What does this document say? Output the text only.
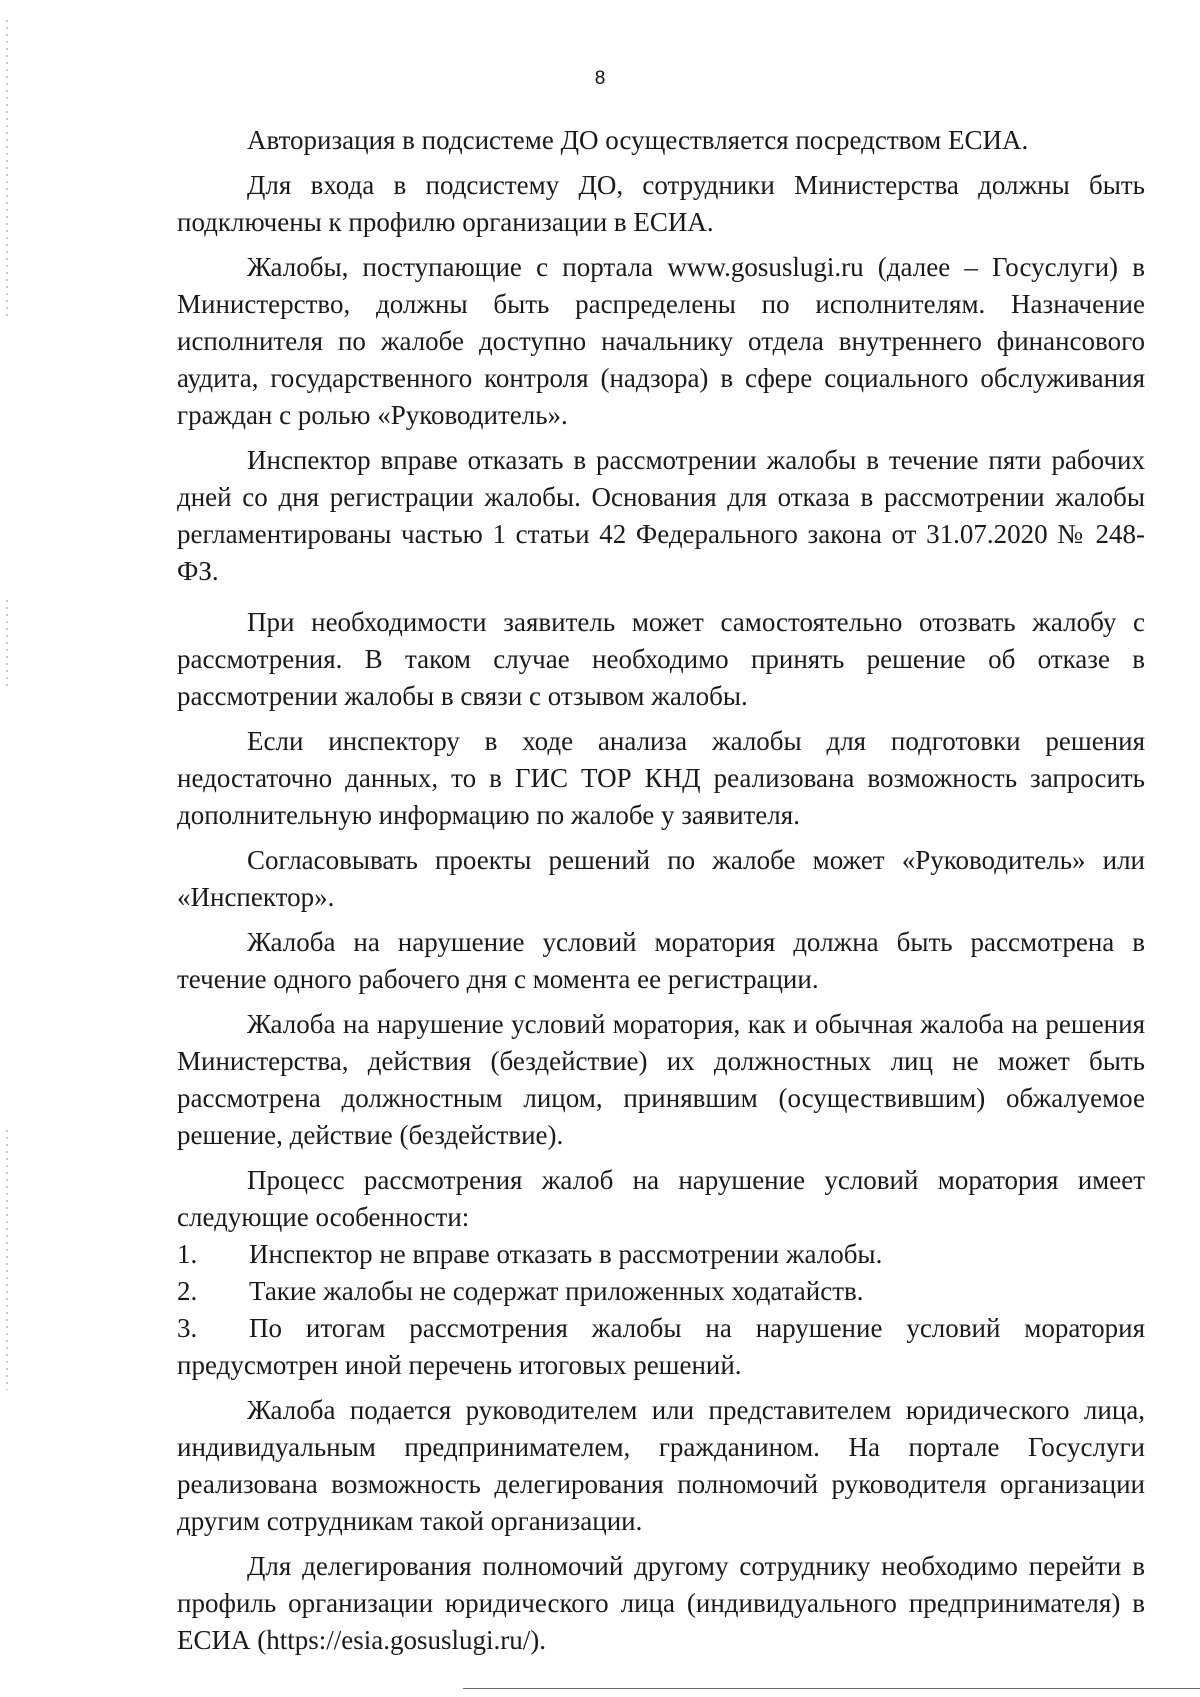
8

Авторизация в подсистеме ДО осуществляется посредством ЕСИА.

Для входа в подсистему ДО, сотрудники Министерства должны быть подключены к профилю организации в ЕСИА.

Жалобы, поступающие с портала www.gosuslugi.ru (далее – Госуслуги) в Министерство, должны быть распределены по исполнителям. Назначение исполнителя по жалобе доступно начальнику отдела внутреннего финансового аудита, государственного контроля (надзора) в сфере социального обслуживания граждан с ролью «Руководитель».

Инспектор вправе отказать в рассмотрении жалобы в течение пяти рабочих дней со дня регистрации жалобы. Основания для отказа в рассмотрении жалобы регламентированы частью 1 статьи 42 Федерального закона от 31.07.2020 № 248-ФЗ.

При необходимости заявитель может самостоятельно отозвать жалобу с рассмотрения. В таком случае необходимо принять решение об отказе в рассмотрении жалобы в связи с отзывом жалобы.

Если инспектору в ходе анализа жалобы для подготовки решения недостаточно данных, то в ГИС ТОР КНД реализована возможность запросить дополнительную информацию по жалобе у заявителя.

Согласовывать проекты решений по жалобе может «Руководитель» или «Инспектор».

Жалоба на нарушение условий моратория должна быть рассмотрена в течение одного рабочего дня с момента ее регистрации.

Жалоба на нарушение условий моратория, как и обычная жалоба на решения Министерства, действия (бездействие) их должностных лиц не может быть рассмотрена должностным лицом, принявшим (осуществившим) обжалуемое решение, действие (бездействие).

Процесс рассмотрения жалоб на нарушение условий моратория имеет следующие особенности:

1. Инспектор не вправе отказать в рассмотрении жалобы.

2. Такие жалобы не содержат приложенных ходатайств.

3. По итогам рассмотрения жалобы на нарушение условий моратория предусмотрен иной перечень итоговых решений.

Жалоба подается руководителем или представителем юридического лица, индивидуальным предпринимателем, гражданином. На портале Госуслуги реализована возможность делегирования полномочий руководителя организации другим сотрудникам такой организации.

Для делегирования полномочий другому сотруднику необходимо перейти в профиль организации юридического лица (индивидуального предпринимателя) в ЕСИА (https://esia.gosuslugi.ru/).
